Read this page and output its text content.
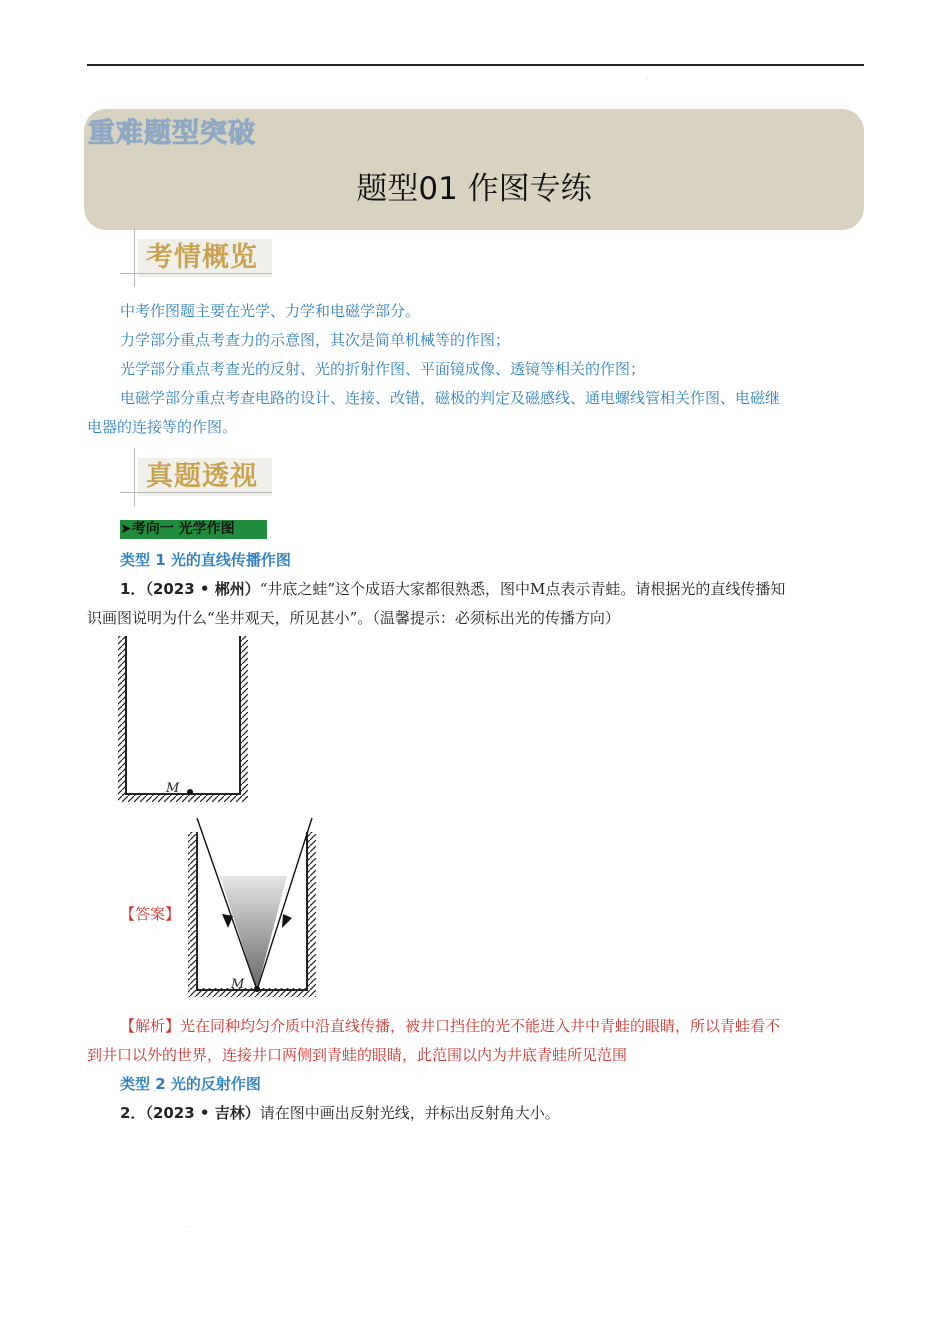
.
重难题型突破
题型01 作图专练
考情概览
中考作图题主要在光学、力学和电磁学部分。
力学部分重点考查力的示意图，其次是简单机械等的作图；
光学部分重点考查光的反射、光的折射作图、平面镜成像、透镜等相关的作图；
电磁学部分重点考查电路的设计、连接、改错，磁极的判定及磁感线、通电螺线管相关作图、电磁继
电器的连接等的作图。
真题透视
➤考向一 光学作图
类型 1 光的直线传播作图
1．（2023 • 郴州）“井底之蛙”这个成语大家都很熟悉，图中M点表示青蛙。请根据光的直线传播知
识画图说明为什么“坐井观天，所见甚小”。（温馨提示：必须标出光的传播方向）
M
【答案】
M
【解析】光在同种均匀介质中沿直线传播，被井口挡住的光不能进入井中青蛙的眼睛，所以青蛙看不
到井口以外的世界，连接井口两侧到青蛙的眼睛，此范围以内为井底青蛙所见范围
类型 2 光的反射作图
2．（2023 • 吉林）请在图中画出反射光线，并标出反射角大小。
.
